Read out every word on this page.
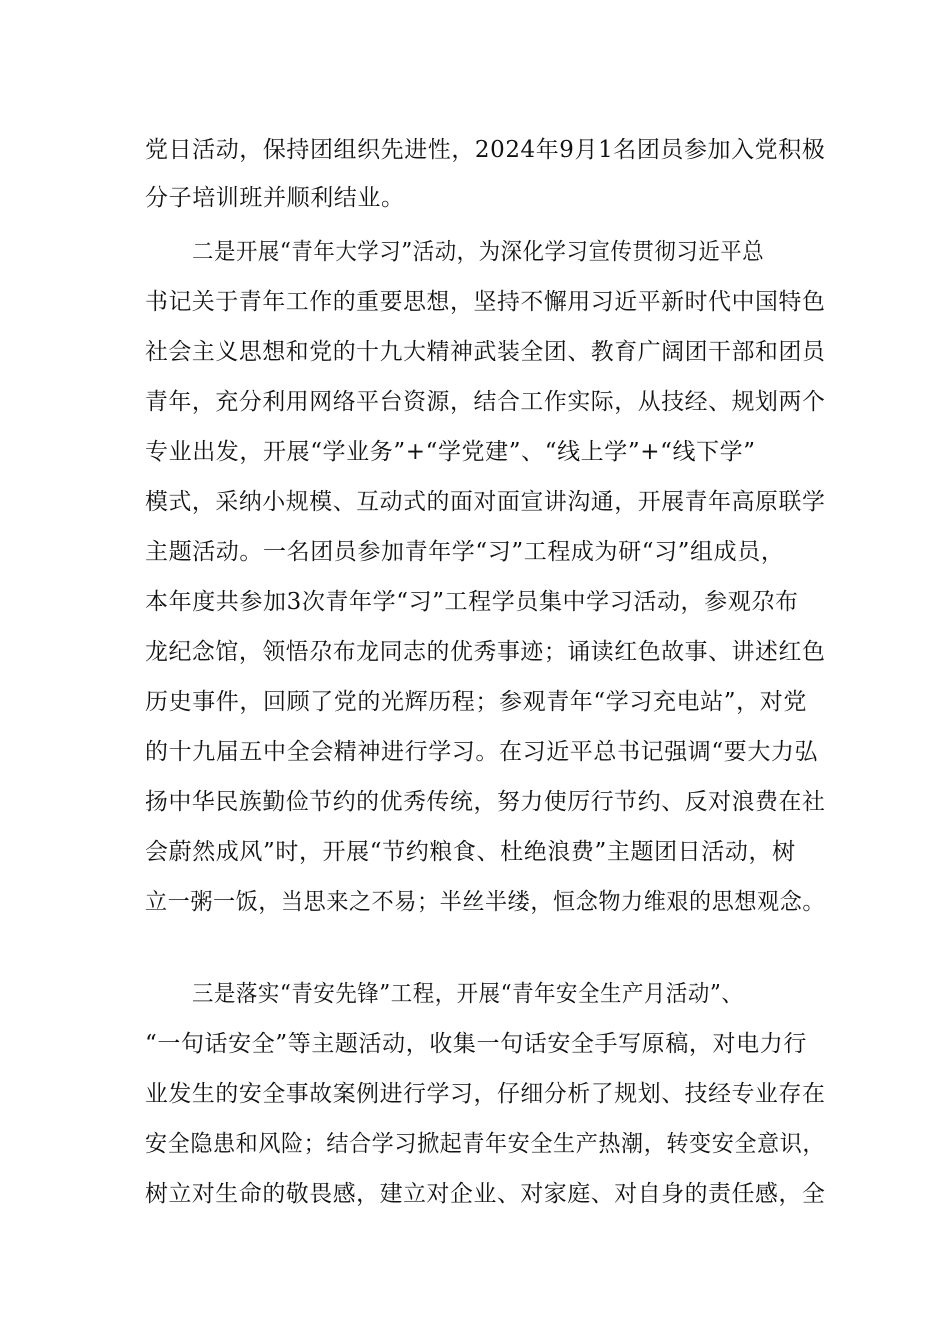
党日活动，保持团组织先进性，2024年9月1名团员参加入党积极
分子培训班并顺利结业。
二是开展“青年大学习”活动，为深化学习宣传贯彻习近平总
书记关于青年工作的重要思想，坚持不懈用习近平新时代中国特色
社会主义思想和党的十九大精神武装全团、教育广阔团干部和团员
青年，充分利用网络平台资源，结合工作实际，从技经、规划两个
专业出发，开展“学业务”+“学党建”、“线上学”+“线下学”
模式，采纳小规模、互动式的面对面宣讲沟通，开展青年高原联学
主题活动。一名团员参加青年学“习”工程成为研“习”组成员，
本年度共参加3次青年学“习”工程学员集中学习活动，参观尕布
龙纪念馆，领悟尕布龙同志的优秀事迹；诵读红色故事、讲述红色
历史事件，回顾了党的光辉历程；参观青年“学习充电站”，对党
的十九届五中全会精神进行学习。在习近平总书记强调“要大力弘
扬中华民族勤俭节约的优秀传统，努力使厉行节约、反对浪费在社
会蔚然成风”时，开展“节约粮食、杜绝浪费”主题团日活动，树
立一粥一饭，当思来之不易；半丝半缕，恒念物力维艰的思想观念。
三是落实“青安先锋”工程，开展“青年安全生产月活动”、
“一句话安全”等主题活动，收集一句话安全手写原稿，对电力行
业发生的安全事故案例进行学习，仔细分析了规划、技经专业存在
安全隐患和风险；结合学习掀起青年安全生产热潮，转变安全意识，
树立对生命的敬畏感，建立对企业、对家庭、对自身的责任感，全
